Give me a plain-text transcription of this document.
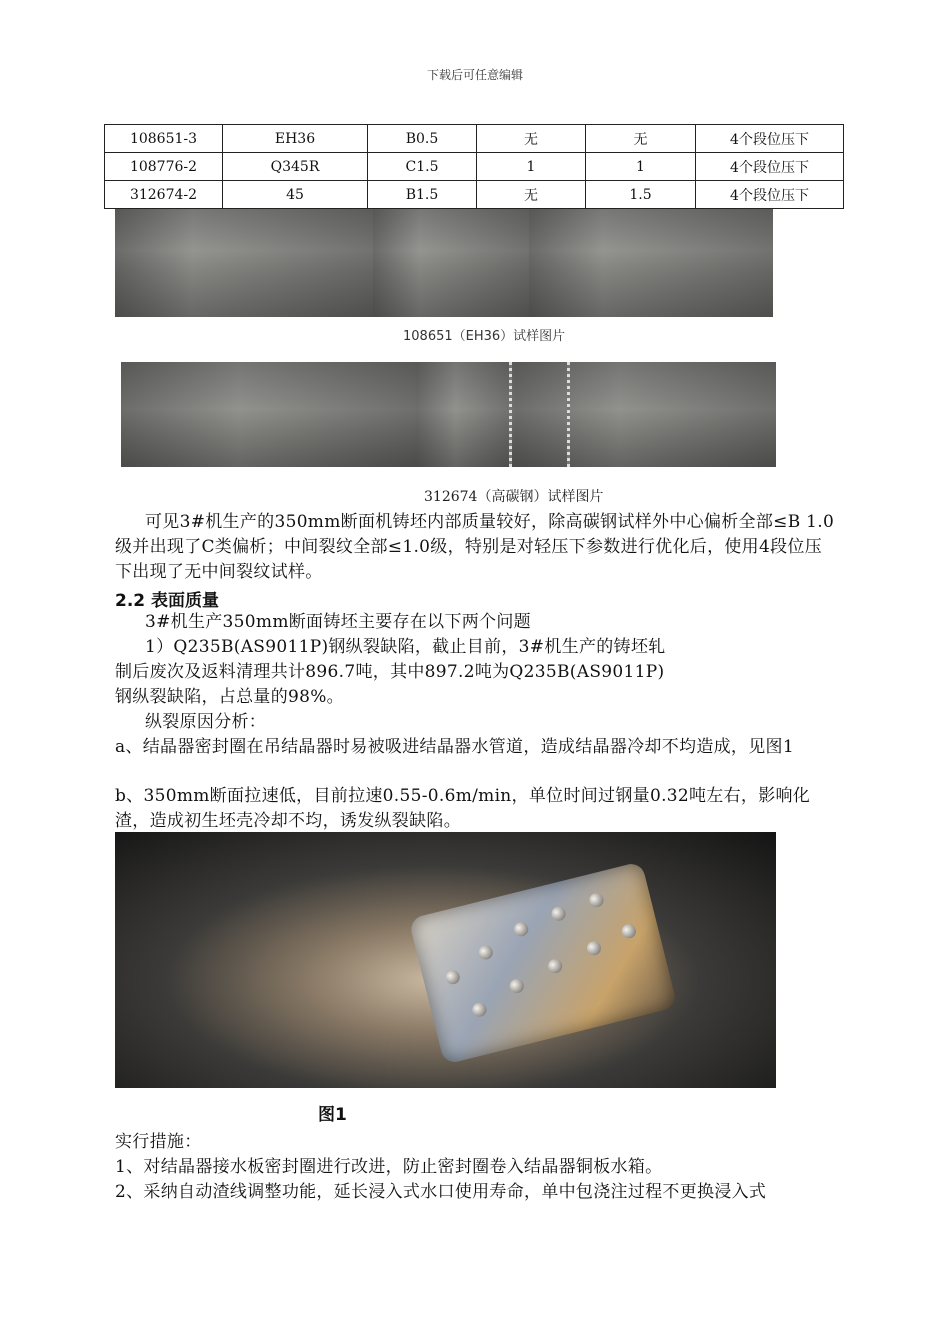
下载后可任意编辑
108651-3	EH36	B0.5	无	无	4个段位压下
108776-2	Q345R	C1.5	1	1	4个段位压下
312674-2	45	B1.5	无	1.5	4个段位压下
108651（EH36）试样图片
312674（高碳钢）试样图片
可见3#机生产的350mm断面机铸坯内部质量较好，除高碳钢试样外中心偏析全部≤B 1.0级并出现了C类偏析；中间裂纹全部≤1.0级，特别是对轻压下参数进行优化后，使用4段位压下出现了无中间裂纹试样。
2.2 表面质量
3#机生产350mm断面铸坯主要存在以下两个问题
1）Q235B(AS9011P)钢纵裂缺陷，截止目前，3#机生产的铸坯轧
制后废次及返料清理共计896.7吨，其中897.2吨为Q235B(AS9011P)
钢纵裂缺陷，占总量的98%。
纵裂原因分析：
a、结晶器密封圈在吊结晶器时易被吸进结晶器水管道，造成结晶器冷却不均造成，见图1
b、350mm断面拉速低，目前拉速0.55-0.6m/min，单位时间过钢量0.32吨左右，影响化渣，造成初生坯壳冷却不均，诱发纵裂缺陷。
图1
实行措施：
1、对结晶器接水板密封圈进行改进，防止密封圈卷入结晶器铜板水箱。
2、采纳自动渣线调整功能，延长浸入式水口使用寿命，单中包浇注过程不更换浸入式
